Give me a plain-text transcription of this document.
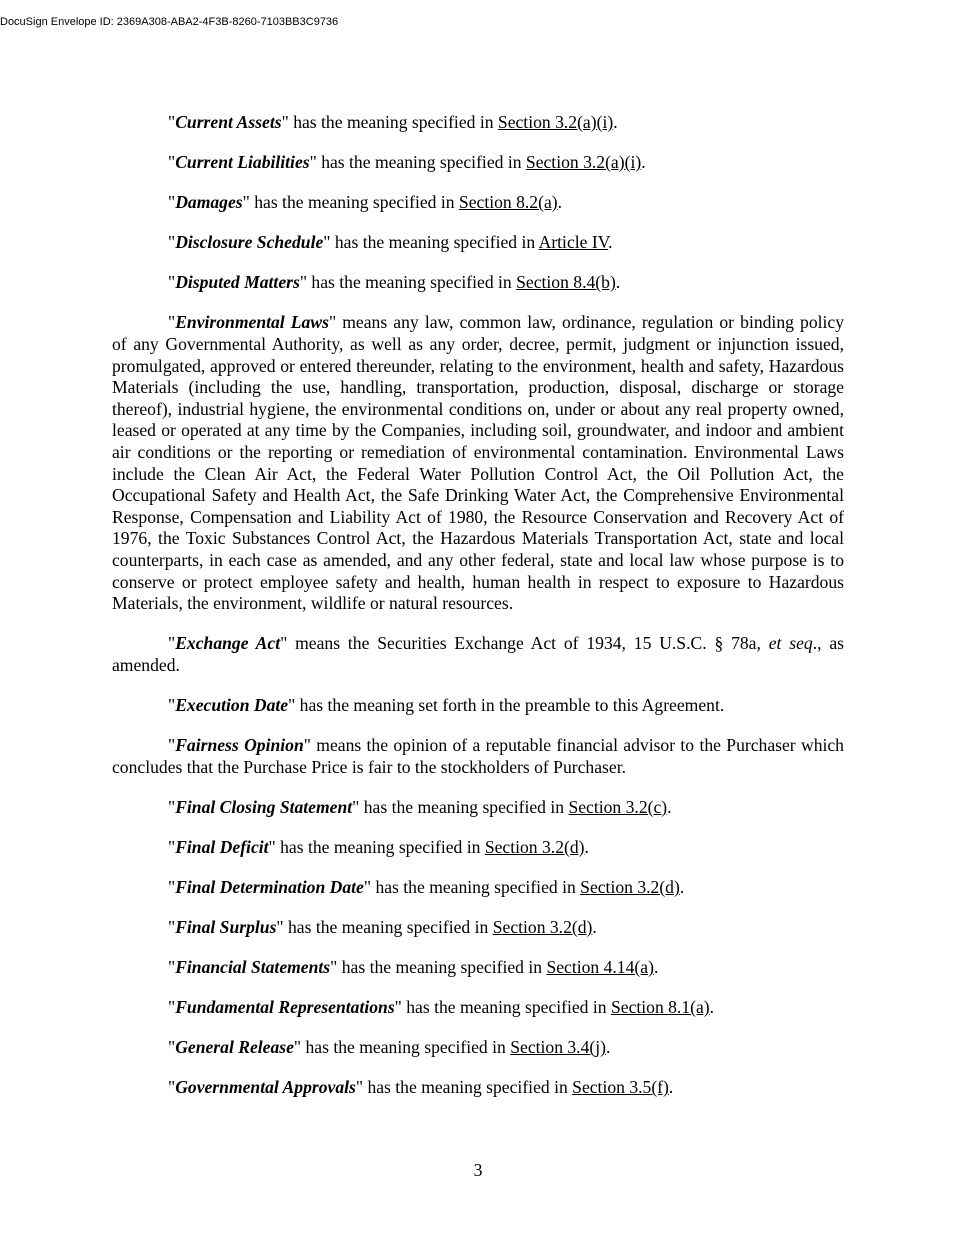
DocuSign Envelope ID: 2369A308-ABA2-4F3B-8260-7103BB3C9736

"Current Assets" has the meaning specified in Section 3.2(a)(i).

"Current Liabilities" has the meaning specified in Section 3.2(a)(i).

"Damages" has the meaning specified in Section 8.2(a).

"Disclosure Schedule" has the meaning specified in Article IV.

"Disputed Matters" has the meaning specified in Section 8.4(b).

"Environmental Laws" means any law, common law, ordinance, regulation or binding policy of any Governmental Authority, as well as any order, decree, permit, judgment or injunction issued, promulgated, approved or entered thereunder, relating to the environment, health and safety, Hazardous Materials (including the use, handling, transportation, production, disposal, discharge or storage thereof), industrial hygiene, the environmental conditions on, under or about any real property owned, leased or operated at any time by the Companies, including soil, groundwater, and indoor and ambient air conditions or the reporting or remediation of environmental contamination. Environmental Laws include the Clean Air Act, the Federal Water Pollution Control Act, the Oil Pollution Act, the Occupational Safety and Health Act, the Safe Drinking Water Act, the Comprehensive Environmental Response, Compensation and Liability Act of 1980, the Resource Conservation and Recovery Act of 1976, the Toxic Substances Control Act, the Hazardous Materials Transportation Act, state and local counterparts, in each case as amended, and any other federal, state and local law whose purpose is to conserve or protect employee safety and health, human health in respect to exposure to Hazardous Materials, the environment, wildlife or natural resources.

"Exchange Act" means the Securities Exchange Act of 1934, 15 U.S.C. § 78a, et seq., as amended.

"Execution Date" has the meaning set forth in the preamble to this Agreement.

"Fairness Opinion" means the opinion of a reputable financial advisor to the Purchaser which concludes that the Purchase Price is fair to the stockholders of Purchaser.

"Final Closing Statement" has the meaning specified in Section 3.2(c).

"Final Deficit" has the meaning specified in Section 3.2(d).

"Final Determination Date" has the meaning specified in Section 3.2(d).

"Final Surplus" has the meaning specified in Section 3.2(d).

"Financial Statements" has the meaning specified in Section 4.14(a).

"Fundamental Representations" has the meaning specified in Section 8.1(a).

"General Release" has the meaning specified in Section 3.4(j).

"Governmental Approvals" has the meaning specified in Section 3.5(f).

3
